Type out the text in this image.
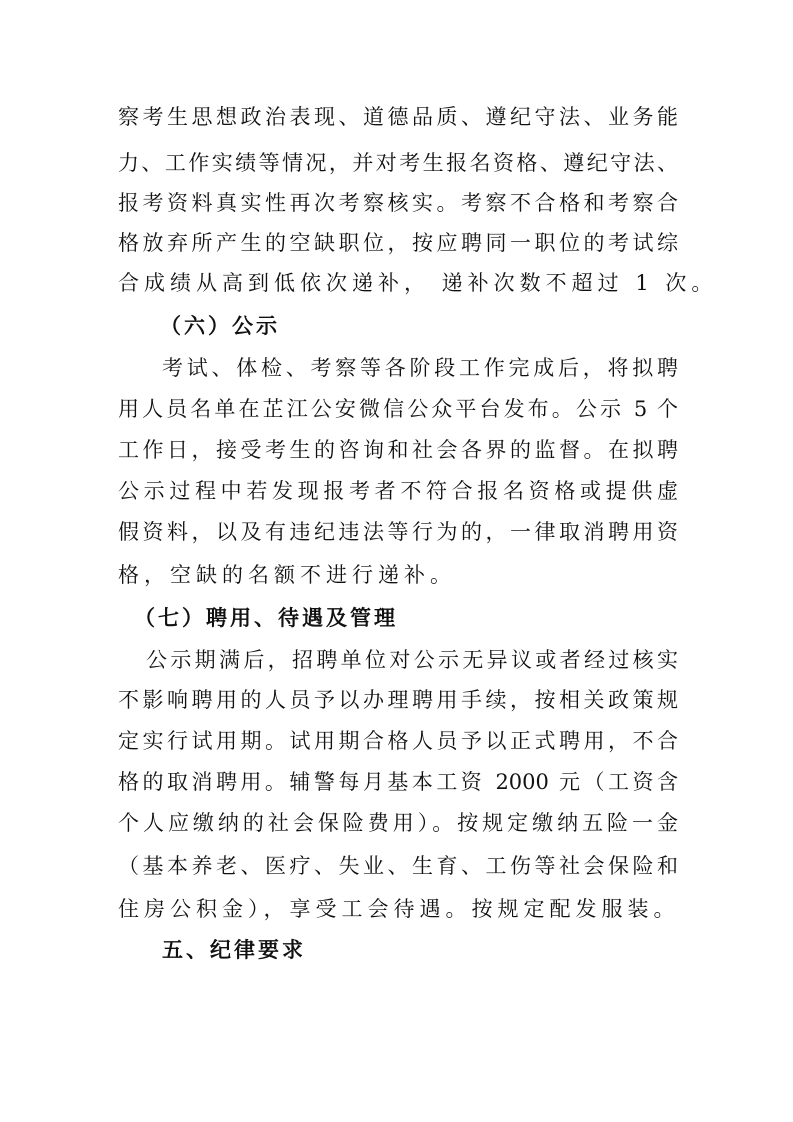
察考生思想政治表现、道德品质、遵纪守法、业务能
力、工作实绩等情况，并对考生报名资格、遵纪守法、
报考资料真实性再次考察核实。考察不合格和考察合
格放弃所产生的空缺职位，按应聘同一职位的考试综
合成绩从高到低依次递补， 递补次数不超过 1 次。
（六）公示
考试、体检、考察等各阶段工作完成后，将拟聘
用人员名单在芷江公安微信公众平台发布。公示 5 个
工作日，接受考生的咨询和社会各界的监督。在拟聘
公示过程中若发现报考者不符合报名资格或提供虚
假资料，以及有违纪违法等行为的，一律取消聘用资
格，空缺的名额不进行递补。
（七）聘用、待遇及管理
公示期满后，招聘单位对公示无异议或者经过核实
不影响聘用的人员予以办理聘用手续，按相关政策规
定实行试用期。试用期合格人员予以正式聘用，不合
格的取消聘用。辅警每月基本工资 2000 元（工资含
个人应缴纳的社会保险费用）。按规定缴纳五险一金
（基本养老、医疗、失业、生育、工伤等社会保险和
住房公积金），享受工会待遇。按规定配发服装。
五、纪律要求
